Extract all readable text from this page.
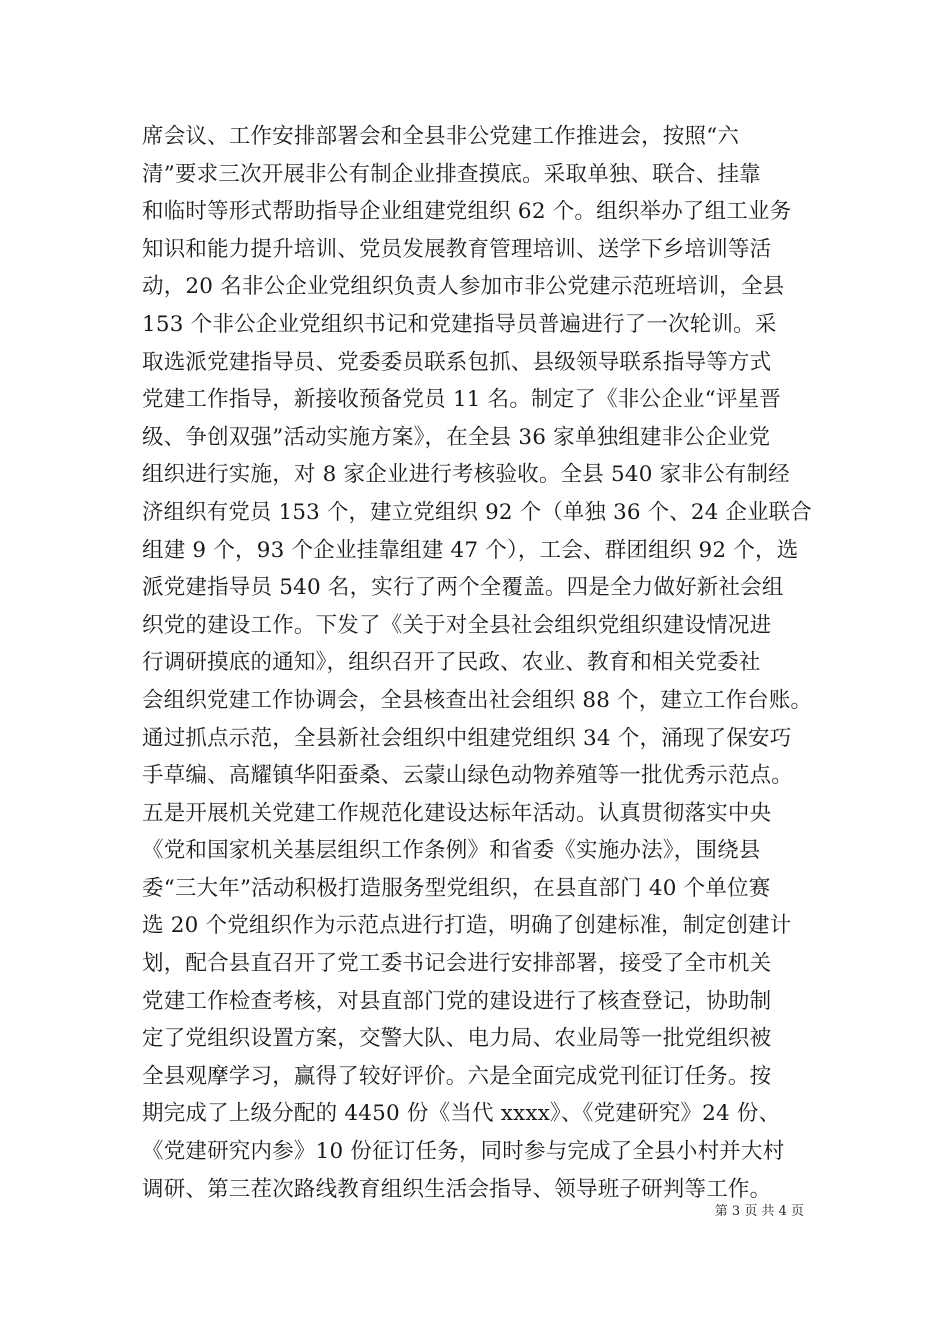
席会议、工作安排部署会和全县非公党建工作推进会，按照“六
清”要求三次开展非公有制企业排查摸底。采取单独、联合、挂靠
和临时等形式帮助指导企业组建党组织 62 个。组织举办了组工业务
知识和能力提升培训、党员发展教育管理培训、送学下乡培训等活
动，20 名非公企业党组织负责人参加市非公党建示范班培训，全县
153 个非公企业党组织书记和党建指导员普遍进行了一次轮训。采
取选派党建指导员、党委委员联系包抓、县级领导联系指导等方式
党建工作指导，新接收预备党员 11 名。制定了《非公企业“评星晋
级、争创双强”活动实施方案》，在全县 36 家单独组建非公企业党
组织进行实施，对 8 家企业进行考核验收。全县 540 家非公有制经
济组织有党员 153 个，建立党组织 92 个（单独 36 个、24 企业联合
组建 9 个，93 个企业挂靠组建 47 个），工会、群团组织 92 个，选
派党建指导员 540 名，实行了两个全覆盖。四是全力做好新社会组
织党的建设工作。下发了《关于对全县社会组织党组织建设情况进
行调研摸底的通知》，组织召开了民政、农业、教育和相关党委社
会组织党建工作协调会，全县核查出社会组织 88 个，建立工作台账。
通过抓点示范，全县新社会组织中组建党组织 34 个，涌现了保安巧
手草编、高耀镇华阳蚕桑、云蒙山绿色动物养殖等一批优秀示范点。
五是开展机关党建工作规范化建设达标年活动。认真贯彻落实中央
《党和国家机关基层组织工作条例》和省委《实施办法》，围绕县
委“三大年”活动积极打造服务型党组织，在县直部门 40 个单位赛
选 20 个党组织作为示范点进行打造，明确了创建标准，制定创建计
划，配合县直召开了党工委书记会进行安排部署，接受了全市机关
党建工作检查考核，对县直部门党的建设进行了核查登记，协助制
定了党组织设置方案，交警大队、电力局、农业局等一批党组织被
全县观摩学习，赢得了较好评价。六是全面完成党刊征订任务。按
期完成了上级分配的 4450 份《当代 xxxx》、《党建研究》24 份、
《党建研究内参》10 份征订任务，同时参与完成了全县小村并大村
调研、第三茬次路线教育组织生活会指导、领导班子研判等工作。
第 3 页 共 4 页
